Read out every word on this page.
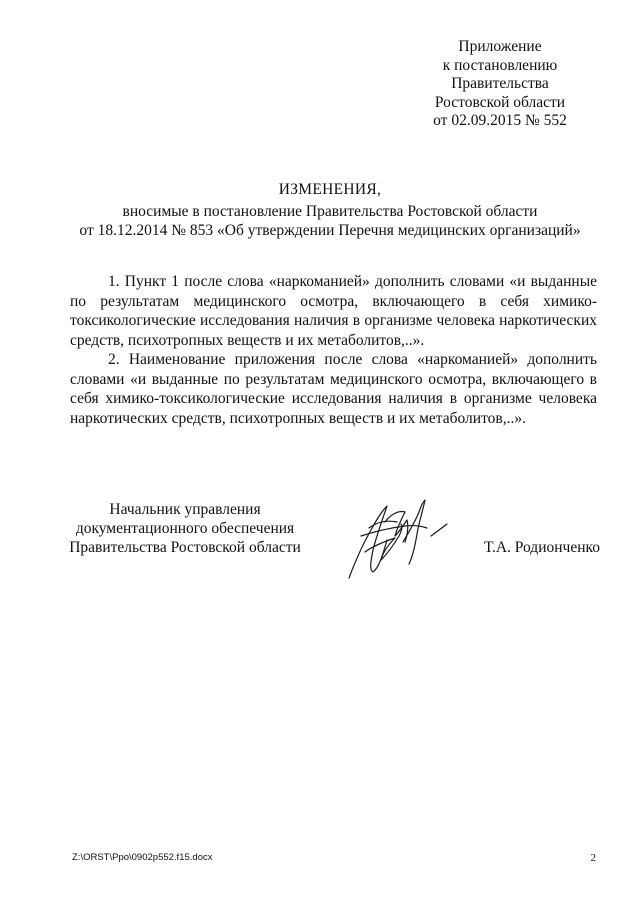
Приложение
к постановлению
Правительства
Ростовской области
от 02.09.2015 № 552
ИЗМЕНЕНИЯ,
вносимые в постановление Правительства Ростовской области
от 18.12.2014 № 853 «Об утверждении Перечня медицинских организаций»

1. Пункт 1 после слова «наркоманией» дополнить словами «и выданные по результатам медицинского осмотра, включающего в себя химико-токсикологические исследования наличия в организме человека наркотических средств, психотропных веществ и их метаболитов,..».

2. Наименование приложения после слова «наркоманией» дополнить словами «и выданные по результатам медицинского осмотра, включающего в себя химико-токсикологические исследования наличия в организме человека наркотических средств, психотропных веществ и их метаболитов,..».

Начальник управления
документационного обеспечения
Правительства Ростовской области	Т.А. Родионченко
Z:\ORST\Ppo\0902p552.f15.docx	2
